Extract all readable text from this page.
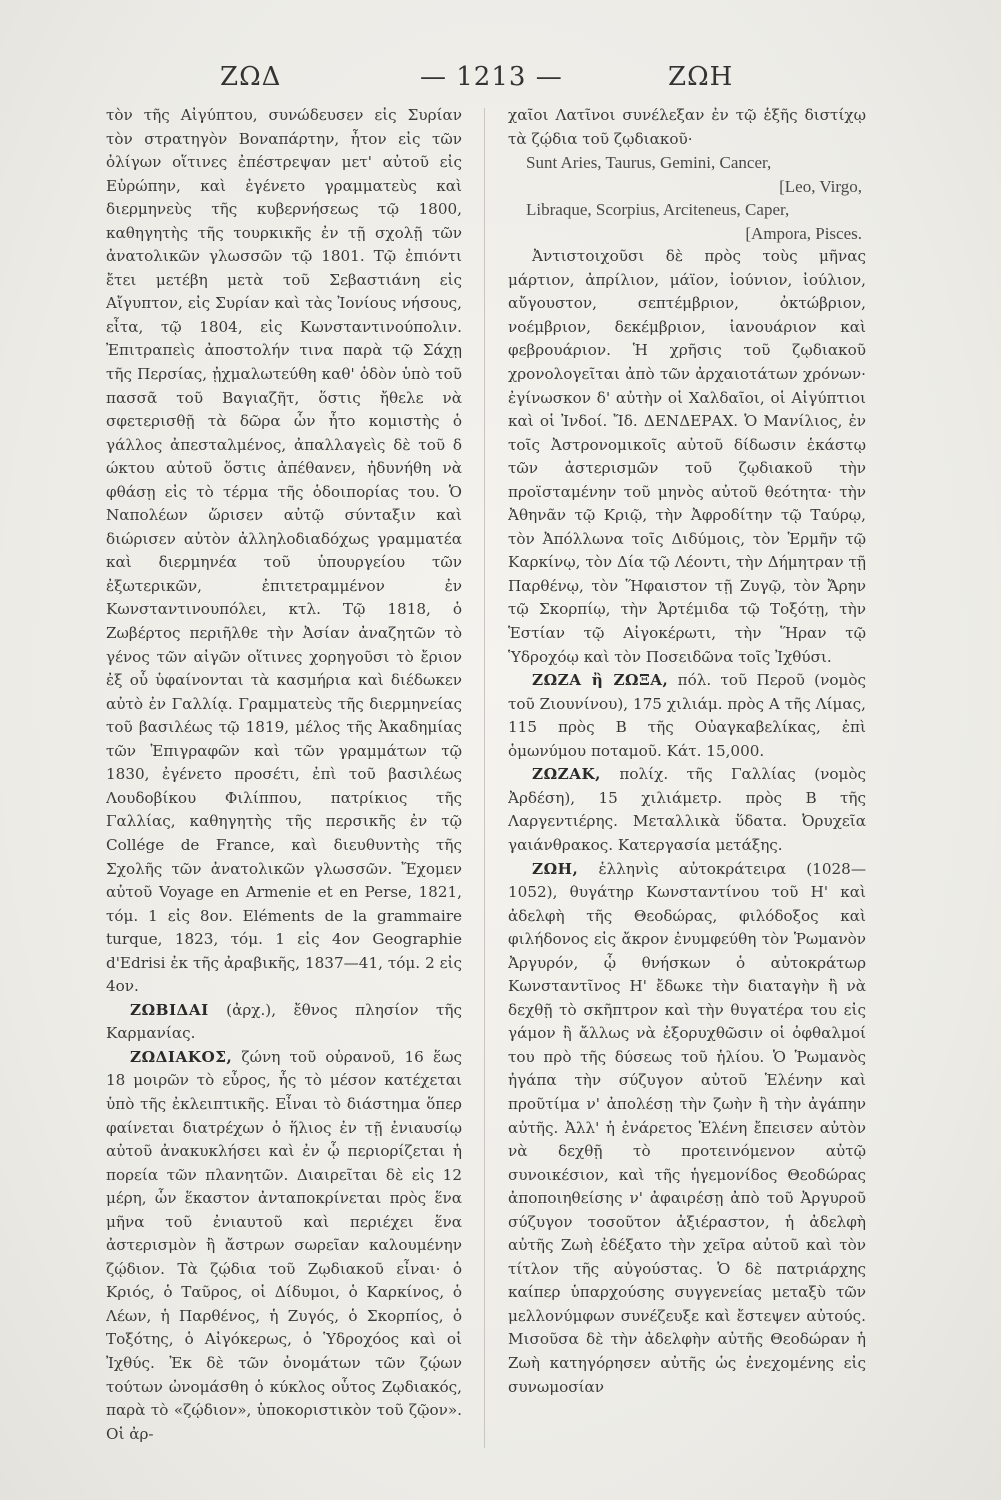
ΖΩΔ	— 1213 —	ΖΩΗ

τὸν τῆς Αἰγύπτου, συνώδευσεν εἰς Συρίαν τὸν στρατηγὸν Βοναπάρτην, ἦτον εἰς τῶν ὀλίγων οἵτινες ἐπέστρεψαν μετ' αὐτοῦ εἰς Εὐρώπην, καὶ ἐγένετο γραμματεὺς καὶ διερμηνεὺς τῆς κυβερνήσεως τῷ 1800, καθηγητὴς τῆς τουρκικῆς ἐν τῇ σχολῇ τῶν ἀνατολικῶν γλωσσῶν τῷ 1801. Τῷ ἐπιόντι ἔτει μετέβη μετὰ τοῦ Σεβαστιάνη εἰς Αἴγυπτον, εἰς Συρίαν καὶ τὰς Ἰονίους νήσους, εἶτα, τῷ 1804, εἰς Κωνσταντινούπολιν. Ἐπιτραπεὶς ἀποστολήν τινα παρὰ τῷ Σάχῃ τῆς Περσίας, ᾐχμαλωτεύθη καθ' ὁδὸν ὑπὸ τοῦ πασσᾶ τοῦ Βαγιαζῆτ, ὅστις ἤθελε νὰ σφετερισθῇ τὰ δῶρα ὧν ἦτο κομιστὴς ὁ γάλλος ἀπεσταλμένος, ἀπαλλαγεὶς δὲ τοῦ δ ώκτου αὐτοῦ ὅστις ἀπέθανεν, ἠδυνήθη νὰ φθάσῃ εἰς τὸ τέρμα τῆς ὁδοιπορίας του. Ὁ Ναπολέων ὥρισεν αὐτῷ σύνταξιν καὶ διώρισεν αὐτὸν ἀλληλοδιαδόχως γραμματέα καὶ διερμηνέα τοῦ ὑπουργείου τῶν ἐξωτερικῶν, ἐπιτετραμμένον ἐν Κωνσταντινουπόλει, κτλ. Τῷ 1818, ὁ Ζωβέρτος περιῆλθε τὴν Ἀσίαν ἀναζητῶν τὸ γένος τῶν αἰγῶν οἵτινες χορηγοῦσι τὸ ἔριον ἐξ οὗ ὑφαίνονται τὰ κασμήρια καὶ διέδωκεν αὐτὸ ἐν Γαλλίᾳ. Γραμματεὺς τῆς διερμηνείας τοῦ βασιλέως τῷ 1819, μέλος τῆς Ἀκαδημίας τῶν Ἐπιγραφῶν καὶ τῶν γραμμάτων τῷ 1830, ἐγένετο προσέτι, ἐπὶ τοῦ βασιλέως Λουδοβίκου Φιλίππου, πατρίκιος τῆς Γαλλίας, καθηγητὴς τῆς περσικῆς ἐν τῷ Collége de France, καὶ διευθυντὴς τῆς Σχολῆς τῶν ἀνατολικῶν γλωσσῶν. Ἔχομεν αὐτοῦ Voyage en Armenie et en Perse, 1821, τόμ. 1 εἰς 8ον. Eléments de la grammaire turque, 1823, τόμ. 1 εἰς 4ον Geographie d'Edrisi ἐκ τῆς ἀραβικῆς, 1837—41, τόμ. 2 εἰς 4ον.

ΖΩΒΙΔΑΙ (ἀρχ.), ἔθνος πλησίον τῆς Καρμανίας.

ΖΩΔΙΑΚΟΣ, ζώνη τοῦ οὐρανοῦ, 16 ἕως 18 μοιρῶν τὸ εὖρος, ἧς τὸ μέσον κατέχεται ὑπὸ τῆς ἐκλειπτικῆς. Εἶναι τὸ διάστημα ὅπερ φαίνεται διατρέχων ὁ ἥλιος ἐν τῇ ἐνιαυσίῳ αὐτοῦ ἀνακυκλήσει καὶ ἐν ᾧ περιορίζεται ἡ πορεία τῶν πλανητῶν. Διαιρεῖται δὲ εἰς 12 μέρη, ὧν ἕκαστον ἀνταποκρίνεται πρὸς ἕνα μῆνα τοῦ ἐνιαυτοῦ καὶ περιέχει ἕνα ἀστερισμὸν ἢ ἄστρων σωρεῖαν καλουμένην ζῴδιον. Τὰ ζῴδια τοῦ Ζῳδιακοῦ εἶναι· ὁ Κριός, ὁ Ταῦρος, οἱ Δίδυμοι, ὁ Καρκίνος, ὁ Λέων, ἡ Παρθένος, ἡ Ζυγός, ὁ Σκορπίος, ὁ Τοξότης, ὁ Αἰγόκερως, ὁ Ὑδροχόος καὶ οἱ Ἰχθύς. Ἐκ δὲ τῶν ὀνομάτων τῶν ζῴων τούτων ὠνομάσθη ὁ κύκλος οὗτος Ζῳδιακός, παρὰ τὸ «ζῴδιον», ὑποκοριστικὸν τοῦ ζῷον». Οἱ ἀρ-

χαῖοι Λατῖνοι συνέλεξαν ἐν τῷ ἑξῆς διστίχῳ τὰ ζῴδια τοῦ ζῳδιακοῦ·

Sunt Aries, Taurus, Gemini, Cancer,
[Leo, Virgo,
Libraque, Scorpius, Arciteneus, Caper,
[Ampora, Pisces.

Ἀντιστοιχοῦσι δὲ πρὸς τοὺς μῆνας μάρτιον, ἀπρίλιον, μάϊον, ἰούνιον, ἰούλιον, αὔγουστον, σεπτέμβριον, ὀκτώβριον, νοέμβριον, δεκέμβριον, ἰανουάριον καὶ φεβρουάριον. Ἡ χρῆσις τοῦ ζῳδιακοῦ χρονολογεῖται ἀπὸ τῶν ἀρχαιοτάτων χρόνων· ἐγίνωσκον δ' αὐτὴν οἱ Χαλδαῖοι, οἱ Αἰγύπτιοι καὶ οἱ Ἰνδοί. Ἴδ. ΔΕΝΔΕΡΑΧ. Ὁ Μανίλιος, ἐν τοῖς Ἀστρονομικοῖς αὐτοῦ δίδωσιν ἑκάστῳ τῶν ἀστερισμῶν τοῦ ζῳδιακοῦ τὴν προϊσταμένην τοῦ μηνὸς αὐτοῦ θεότητα· τὴν Ἀθηνᾶν τῷ Κριῷ, τὴν Ἀφροδίτην τῷ Ταύρῳ, τὸν Ἀπόλλωνα τοῖς Διδύμοις, τὸν Ἑρμῆν τῷ Καρκίνῳ, τὸν Δία τῷ Λέοντι, τὴν Δήμητραν τῇ Παρθένῳ, τὸν Ἥφαιστον τῇ Ζυγῷ, τὸν Ἄρην τῷ Σκορπίῳ, τὴν Ἀρτέμιδα τῷ Τοξότῃ, τὴν Ἑστίαν τῷ Αἰγοκέρωτι, τὴν Ἥραν τῷ Ὑδροχόῳ καὶ τὸν Ποσειδῶνα τοῖς Ἰχθύσι.

ΖΩΖΑ ἢ ΖΩΞΑ, πόλ. τοῦ Περοῦ (νομὸς τοῦ Ζιουνίνου), 175 χιλιάμ. πρὸς Α τῆς Λίμας, 115 πρὸς Β τῆς Οὐαγκαβελίκας, ἐπὶ ὁμωνύμου ποταμοῦ. Κάτ. 15,000.

ΖΩΖΑΚ, πολίχ. τῆς Γαλλίας (νομὸς Ἀρδέση), 15 χιλιάμετρ. πρὸς Β τῆς Λαργεντιέρης. Μεταλλικὰ ὕδατα. Ὀρυχεῖα γαιάνθρακος. Κατεργασία μετάξης.

ΖΩΗ, ἑλληνὶς αὐτοκράτειρα (1028—1052), θυγάτηρ Κωνσταντίνου τοῦ Η' καὶ ἀδελφὴ τῆς Θεοδώρας, φιλόδοξος καὶ φιλήδονος εἰς ἄκρον ἐνυμφεύθη τὸν Ῥωμανὸν Ἀργυρόν, ᾧ θνήσκων ὁ αὐτοκράτωρ Κωνσταντῖνος Η' ἔδωκε τὴν διαταγὴν ἢ νὰ δεχθῇ τὸ σκῆπτρον καὶ τὴν θυγατέρα του εἰς γάμον ἢ ἄλλως νὰ ἐξορυχθῶσιν οἱ ὀφθαλμοί του πρὸ τῆς δύσεως τοῦ ἡλίου. Ὁ Ῥωμανὸς ἠγάπα τὴν σύζυγον αὐτοῦ Ἑλένην καὶ προῦτίμα ν' ἀπολέσῃ τὴν ζωὴν ἢ τὴν ἀγάπην αὐτῆς. Ἀλλ' ἡ ἐνάρετος Ἑλένη ἔπεισεν αὐτὸν νὰ δεχθῇ τὸ προτεινόμενον αὐτῷ συνοικέσιον, καὶ τῆς ἡγεμονίδος Θεοδώρας ἀποποιηθείσης ν' ἀφαιρέσῃ ἀπὸ τοῦ Ἀργυροῦ σύζυγον τοσοῦτον ἀξιέραστον, ἡ ἀδελφὴ αὐτῆς Ζωὴ ἐδέξατο τὴν χεῖρα αὐτοῦ καὶ τὸν τίτλον τῆς αὐγούστας. Ὁ δὲ πατριάρχης καίπερ ὑπαρχούσης συγγενείας μεταξὺ τῶν μελλονύμφων συνέζευξε καὶ ἔστεψεν αὐτούς. Μισοῦσα δὲ τὴν ἀδελφὴν αὐτῆς Θεοδώραν ἡ Ζωὴ κατηγόρησεν αὐτῆς ὡς ἐνεχομένης εἰς συνωμοσίαν
